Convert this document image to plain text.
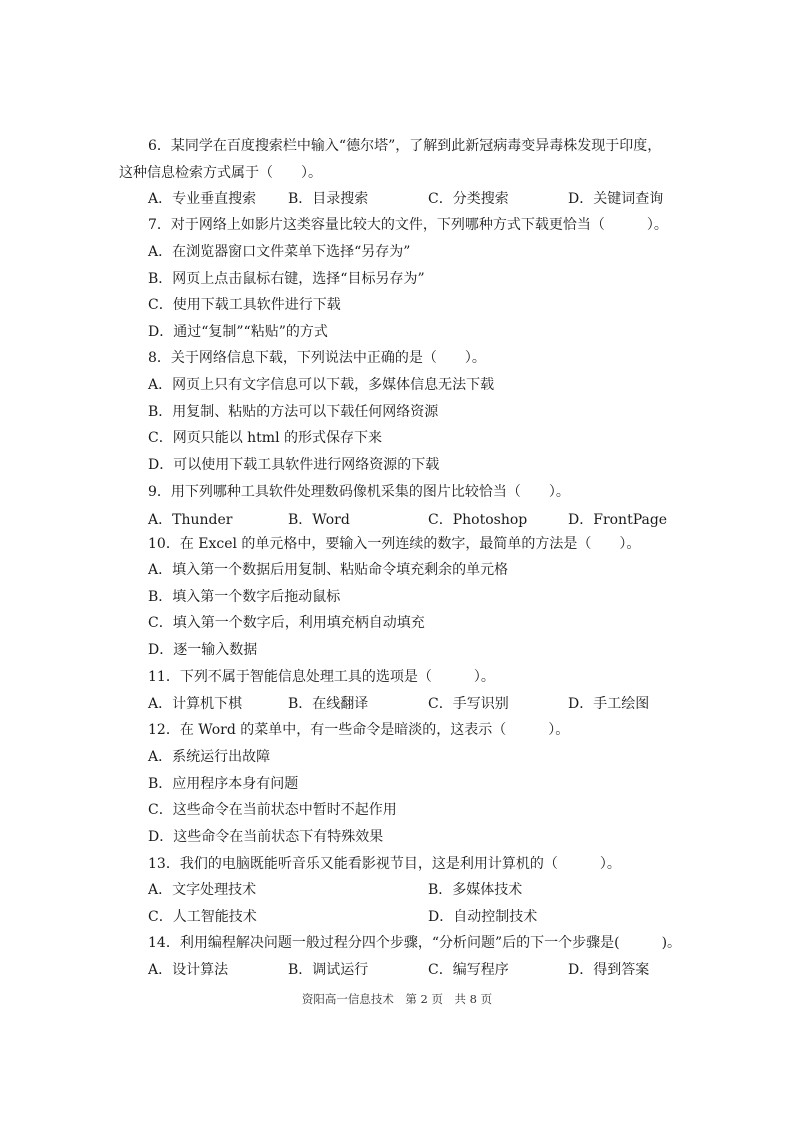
6．某同学在百度搜索栏中输入“德尔塔”，了解到此新冠病毒变异毒株发现于印度，
这种信息检索方式属于（　　）。
A．专业垂直搜索 B．目录搜索	C．分类搜索	D．关键词查询
7．对于网络上如影片这类容量比较大的文件，下列哪种方式下载更恰当（　　　）。
A．在浏览器窗口文件菜单下选择“另存为”
B．网页上点击鼠标右键，选择“目标另存为”
C．使用下载工具软件进行下载
D．通过“复制”“粘贴”的方式
8．关于网络信息下载，下列说法中正确的是（　　）。
A．网页上只有文字信息可以下载，多媒体信息无法下载
B．用复制、粘贴的方法可以下载任何网络资源
C．网页只能以 html 的形式保存下来
D．可以使用下载工具软件进行网络资源的下载
9．用下列哪种工具软件处理数码像机采集的图片比较恰当（　　）。
A．Thunder	B．Word	C．Photoshop	D．FrontPage
10．在 Excel 的单元格中，要输入一列连续的数字，最简单的方法是（　　）。
A．填入第一个数据后用复制、粘贴命令填充剩余的单元格
B．填入第一个数字后拖动鼠标
C．填入第一个数字后，利用填充柄自动填充
D．逐一输入数据
11．下列不属于智能信息处理工具的选项是（　　　）。
A．计算机下棋	B．在线翻译	C．手写识别	D．手工绘图
12．在 Word 的菜单中，有一些命令是暗淡的，这表示（　　　）。
A．系统运行出故障
B．应用程序本身有问题
C．这些命令在当前状态中暂时不起作用
D．这些命令在当前状态下有特殊效果
13．我们的电脑既能听音乐又能看影视节目，这是利用计算机的（　　　）。
A．文字处理技术	B．多媒体技术
C．人工智能技术	D．自动控制技术
14．利用编程解决问题一般过程分四个步骤，“分析问题”后的下一个步骤是(　　　)。
A．设计算法	B．调试运行	C．编写程序	D．得到答案
资阳高一信息技术　第 2 页　共 8 页
